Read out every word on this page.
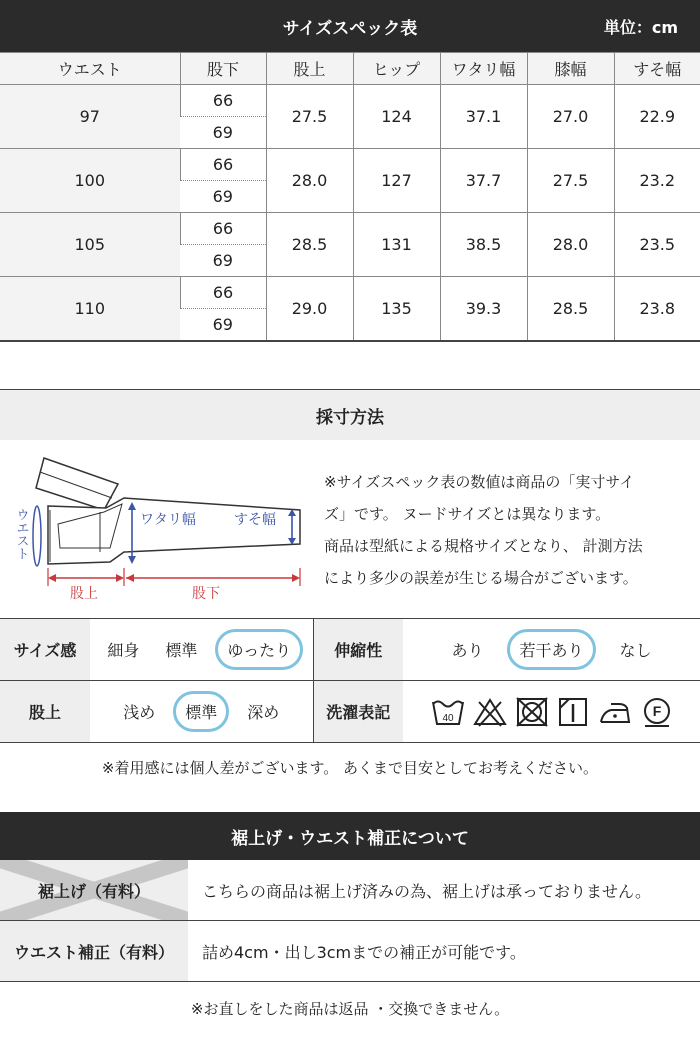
サイズスペック表	単位：cm
ウエスト	股下	股上	ヒップ	ワタリ幅	膝幅	すそ幅
97	66	27.5	124	37.1	27.0	22.9
	69					
100	66	28.0	127	37.7	27.5	23.2
	69					
105	66	28.5	131	38.5	28.0	23.5
	69					
110	66	29.0	135	39.3	28.5	23.8
	69					
採寸方法
ウエスト	ワタリ幅	すそ幅
股上	股下
※サイズスペック表の数値は商品の「実寸サイ
ズ」です。 ヌードサイズとは異なります。
商品は型紙による規格サイズとなり、 計測方法
により多少の誤差が生じる場合がございます。
サイズ感	細身 標準 ゆったり	伸縮性	あり 若干あり なし

股上	浅め 標準 深め	洗濯表記	40 F
※着用感には個人差がございます。 あくまで目安としてお考えください。
裾上げ・ウエスト補正について
裾上げ（有料）	こちらの商品は裾上げ済みの為、裾上げは承っておりません。
ウエスト補正（有料）	詰め4cm・出し3cmまでの補正が可能です。
※お直しをした商品は返品 ・交換できません。
